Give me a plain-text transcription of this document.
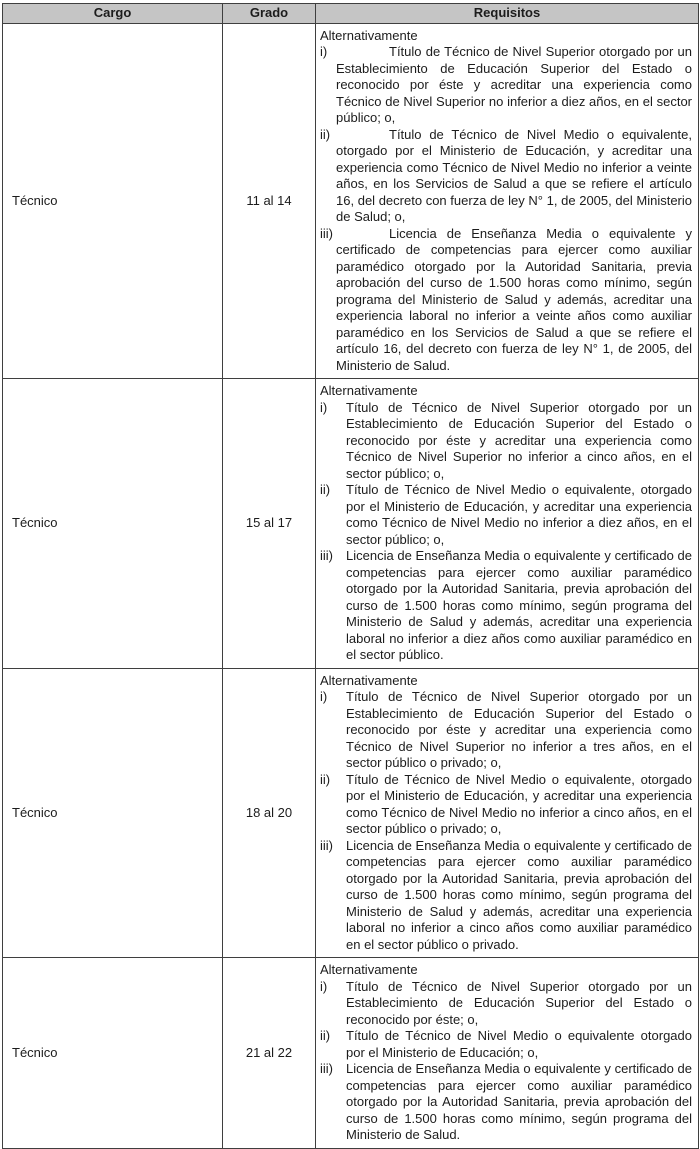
Cargo	Grado	Requisitos
Técnico	11 al 14	Alternativamente
i) Título de Técnico de Nivel Superior otorgado por un Establecimiento de Educación Superior del Estado o reconocido por éste y acreditar una experiencia como Técnico de Nivel Superior no inferior a diez años, en el sector público; o,
ii) Título de Técnico de Nivel Medio o equivalente, otorgado por el Ministerio de Educación, y acreditar una experiencia como Técnico de Nivel Medio no inferior a veinte años, en los Servicios de Salud a que se refiere el artículo 16, del decreto con fuerza de ley N° 1, de 2005, del Ministerio de Salud; o,
iii) Licencia de Enseñanza Media o equivalente y certificado de competencias para ejercer como auxiliar paramédico otorgado por la Autoridad Sanitaria, previa aprobación del curso de 1.500 horas como mínimo, según programa del Ministerio de Salud y además, acreditar una experiencia laboral no inferior a veinte años como auxiliar paramédico en los Servicios de Salud a que se refiere el artículo 16, del decreto con fuerza de ley N° 1, de 2005, del Ministerio de Salud.

Técnico	15 al 17	Alternativamente
i) Título de Técnico de Nivel Superior otorgado por un Establecimiento de Educación Superior del Estado o reconocido por éste y acreditar una experiencia como Técnico de Nivel Superior no inferior a cinco años, en el sector público; o,
ii) Título de Técnico de Nivel Medio o equivalente, otorgado por el Ministerio de Educación, y acreditar una experiencia como Técnico de Nivel Medio no inferior a diez años, en el sector público; o,
iii) Licencia de Enseñanza Media o equivalente y certificado de competencias para ejercer como auxiliar paramédico otorgado por la Autoridad Sanitaria, previa aprobación del curso de 1.500 horas como mínimo, según programa del Ministerio de Salud y además, acreditar una experiencia laboral no inferior a diez años como auxiliar paramédico en el sector público.

Técnico	18 al 20	Alternativamente
i) Título de Técnico de Nivel Superior otorgado por un Establecimiento de Educación Superior del Estado o reconocido por éste y acreditar una experiencia como Técnico de Nivel Superior no inferior a tres años, en el sector público o privado; o,
ii) Título de Técnico de Nivel Medio o equivalente, otorgado por el Ministerio de Educación, y acreditar una experiencia como Técnico de Nivel Medio no inferior a cinco años, en el sector público o privado; o,
iii) Licencia de Enseñanza Media o equivalente y certificado de competencias para ejercer como auxiliar paramédico otorgado por la Autoridad Sanitaria, previa aprobación del curso de 1.500 horas como mínimo, según programa del Ministerio de Salud y además, acreditar una experiencia laboral no inferior a cinco años como auxiliar paramédico en el sector público o privado.

Técnico	21 al 22	Alternativamente
i) Título de Técnico de Nivel Superior otorgado por un Establecimiento de Educación Superior del Estado o reconocido por éste; o,
ii) Título de Técnico de Nivel Medio o equivalente otorgado por el Ministerio de Educación; o,
iii) Licencia de Enseñanza Media o equivalente y certificado de competencias para ejercer como auxiliar paramédico otorgado por la Autoridad Sanitaria, previa aprobación del curso de 1.500 horas como mínimo, según programa del Ministerio de Salud.
